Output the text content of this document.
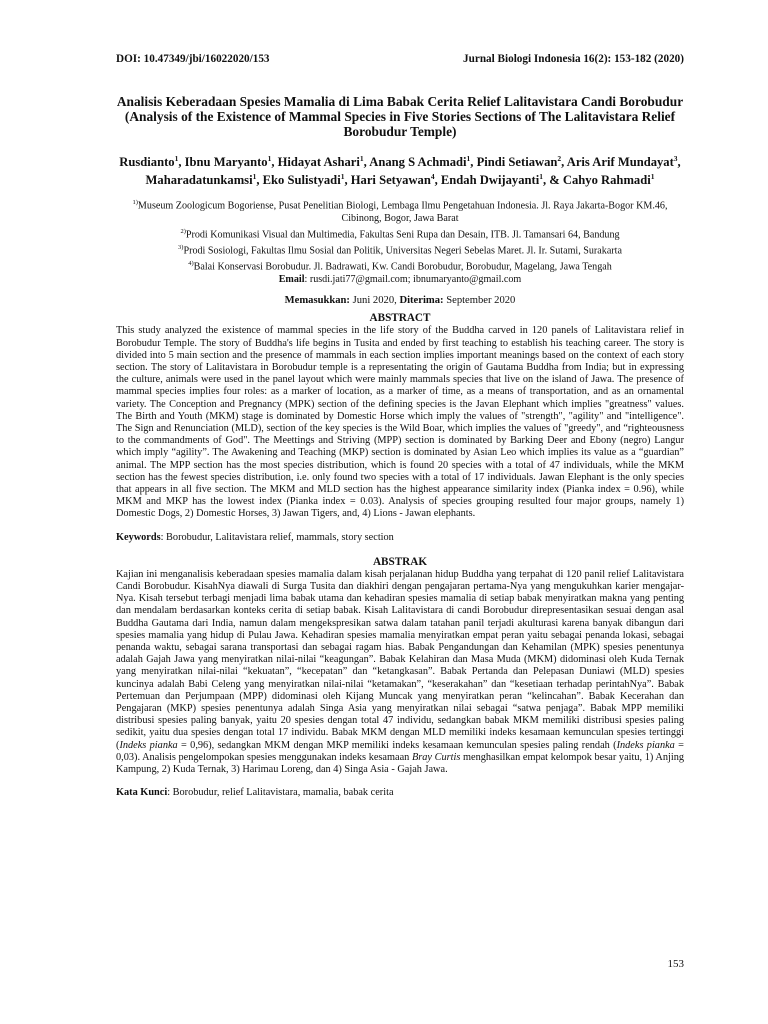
DOI: 10.47349/jbi/16022020/153	Jurnal Biologi Indonesia 16(2): 153-182 (2020)

Analisis Keberadaan Spesies Mamalia di Lima Babak Cerita Relief Lalitavistara Candi Borobudur

(Analysis of the Existence of Mammal Species in Five Stories Sections of The Lalitavistara Relief Borobudur Temple)

Rusdianto$^1$, Ibnu Maryanto$^1$, Hidayat Ashari$^1$, Anang S Achmadi$^1$, Pindi Setiawan$^2$, Aris Arif Mundayat$^3$, Maharadatunkamsi$^1$, Eko Sulistyadi$^1$, Hari Setyawan$^4$, Endah Dwijayanti$^1$, & Cahyo Rahmadi$^1$

$^{1)}$Museum Zoologicum Bogoriense, Pusat Penelitian Biologi, Lembaga Ilmu Pengetahuan Indonesia. Jl. Raya Jakarta-Bogor KM.46, Cibinong, Bogor, Jawa Barat

$^{2)}$Prodi Komunikasi Visual dan Multimedia, Fakultas Seni Rupa dan Desain, ITB. Jl. Tamansari 64, Bandung

$^{3)}$Prodi Sosiologi, Fakultas Ilmu Sosial dan Politik, Universitas Negeri Sebelas Maret. Jl. Ir. Sutami, Surakarta

$^{4)}$Balai Konservasi Borobudur. Jl. Badrawati, Kw. Candi Borobudur, Borobudur, Magelang, Jawa Tengah

Email: rusdi.jati77@gmail.com; ibnumaryanto@gmail.com

Memasukkan: Juni 2020, Diterima: September 2020

ABSTRACT

This study analyzed the existence of mammal species in the life story of the Buddha carved in 120 panels of Lalitavistara relief in Borobudur Temple. The story of Buddha's life begins in Tusita and ended by first teaching to establish his teaching career. The story is divided into 5 main section and the presence of mammals in each section implies important meanings based on the context of each story section. The story of Lalitavistara in Borobudur temple is a representating the origin of Gautama Buddha from India; but in expressing the culture, animals were used in the panel layout which were mainly mammals species that live on the island of Jawa. The presence of mammal species implies four roles: as a marker of location, as a marker of time, as a means of transportation, and as an ornamental variety. The Conception and Pregnancy (MPK) section of the defining species is the Javan Elephant which implies "greatness" values. The Birth and Youth (MKM) stage is dominated by Domestic Horse which imply the values of "strength", "agility" and "intelligence". The Sign and Renunciation (MLD), section of the key species is the Wild Boar, which implies the values of "greedy", and “righteousness to the commandments of God". The Meettings and Striving (MPP) section is dominated by Barking Deer and Ebony (negro) Langur which imply “agility”. The Awakening and Teaching (MKP) section is dominated by Asian Leo which implies its value as a “guardian” animal. The MPP section has the most species distribution, which is found 20 species with a total of 47 individuals, while the MKM section has the fewest species distribution, i.e. only found two species with a total of 17 individuals. Jawan Elephant is the only species that appears in all five section. The MKM and MLD section has the highest appearance similarity index (Pianka index = 0.96), while MKM and MKP has the lowest index (Pianka index = 0.03). Analysis of species grouping resulted four major groups, namely 1) Domestic Dogs, 2) Domestic Horses, 3) Jawan Tigers, and, 4) Lions - Jawan elephants.

Keywords: Borobudur, Lalitavistara relief, mammals, story section

ABSTRAK

Kajian ini menganalisis keberadaan spesies mamalia dalam kisah perjalanan hidup Buddha yang terpahat di 120 panil relief Lalitavistara Candi Borobudur. KisahNya diawali di Surga Tusita dan diakhiri dengan pengajaran pertama-Nya yang mengukuhkan karier mengajar-Nya. Kisah tersebut terbagi menjadi lima babak utama dan kehadiran spesies mamalia di setiap babak menyiratkan makna yang penting dan mendalam berdasarkan konteks cerita di setiap babak. Kisah Lalitavistara di candi Borobudur direpresentasikan sesuai dengan asal Buddha Gautama dari India, namun dalam mengekspresikan satwa dalam tatahan panil terjadi akulturasi karena banyak dibangun dari spesies mamalia yang hidup di Pulau Jawa. Kehadiran spesies mamalia menyiratkan empat peran yaitu sebagai penanda lokasi, sebagai penanda waktu, sebagai sarana transportasi dan sebagai ragam hias. Babak Pengandungan dan Kehamilan (MPK) spesies penentunya adalah Gajah Jawa yang menyiratkan nilai-nilai “keagungan”. Babak Kelahiran dan Masa Muda (MKM) didominasi oleh Kuda Ternak yang menyiratkan nilai-nilai “kekuatan”, “kecepatan” dan “ketangkasan”. Babak Pertanda dan Pelepasan Duniawi (MLD) spesies kuncinya adalah Babi Celeng yang menyiratkan nilai-nilai “ketamakan”, “keserakahan” dan “kesetiaan terhadap perintahNya”. Babak Pertemuan dan Perjumpaan (MPP) didominasi oleh Kijang Muncak yang menyiratkan peran “kelincahan”. Babak Kecerahan dan Pengajaran (MKP) spesies penentunya adalah Singa Asia yang menyiratkan nilai sebagai “satwa penjaga”. Babak MPP memiliki distribusi spesies paling banyak, yaitu 20 spesies dengan total 47 individu, sedangkan babak MKM memiliki distribusi spesies paling sedikit, yaitu dua spesies dengan total 17 individu. Babak MKM dengan MLD memiliki indeks kesamaan kemunculan spesies tertinggi (Indeks pianka = 0,96), sedangkan MKM dengan MKP memiliki indeks kesamaan kemunculan spesies paling rendah (Indeks pianka = 0,03). Analisis pengelompokan spesies menggunakan indeks kesamaan Bray Curtis menghasilkan empat kelompok besar yaitu, 1) Anjing Kampung, 2) Kuda Ternak, 3) Harimau Loreng, dan 4) Singa Asia - Gajah Jawa.

Kata Kunci: Borobudur, relief Lalitavistara, mamalia, babak cerita

153
